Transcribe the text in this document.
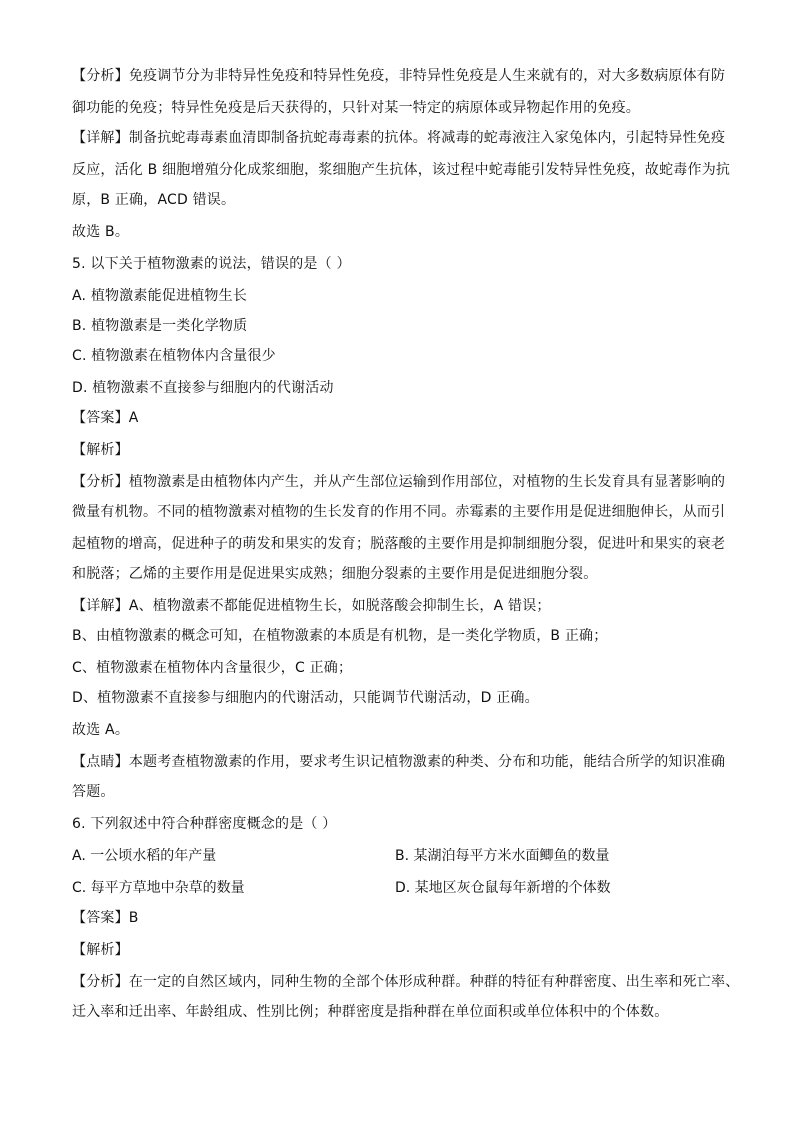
【分析】免疫调节分为非特异性免疫和特异性免疫，非特异性免疫是人生来就有的，对大多数病原体有防
御功能的免疫；特异性免疫是后天获得的，只针对某一特定的病原体或异物起作用的免疫。
【详解】制备抗蛇毒毒素血清即制备抗蛇毒毒素的抗体。将减毒的蛇毒液注入家兔体内，引起特异性免疫
反应，活化 B 细胞增殖分化成浆细胞，浆细胞产生抗体，该过程中蛇毒能引发特异性免疫，故蛇毒作为抗
原，B 正确，ACD 错误。
故选 B。
5. 以下关于植物激素的说法，错误的是（ ）
A. 植物激素能促进植物生长
B. 植物激素是一类化学物质
C. 植物激素在植物体内含量很少
D. 植物激素不直接参与细胞内的代谢活动
【答案】A
【解析】
【分析】植物激素是由植物体内产生，并从产生部位运输到作用部位，对植物的生长发育具有显著影响的
微量有机物。不同的植物激素对植物的生长发育的作用不同。赤霉素的主要作用是促进细胞伸长，从而引
起植物的增高，促进种子的萌发和果实的发育；脱落酸的主要作用是抑制细胞分裂，促进叶和果实的衰老
和脱落；乙烯的主要作用是促进果实成熟；细胞分裂素的主要作用是促进细胞分裂。
【详解】A、植物激素不都能促进植物生长，如脱落酸会抑制生长，A 错误；
B、由植物激素的概念可知，在植物激素的本质是有机物，是一类化学物质，B 正确；
C、植物激素在植物体内含量很少，C 正确；
D、植物激素不直接参与细胞内的代谢活动，只能调节代谢活动，D 正确。
故选 A。
【点睛】本题考查植物激素的作用，要求考生识记植物激素的种类、分布和功能，能结合所学的知识准确
答题。
6. 下列叙述中符合种群密度概念的是（ ）
A. 一公顷水稻的年产量	B. 某湖泊每平方米水面鲫鱼的数量
C. 每平方草地中杂草的数量	D. 某地区灰仓鼠每年新增的个体数
【答案】B
【解析】
【分析】在一定的自然区域内，同种生物的全部个体形成种群。种群的特征有种群密度、出生率和死亡率、
迁入率和迁出率、年龄组成、性别比例；种群密度是指种群在单位面积或单位体积中的个体数。
